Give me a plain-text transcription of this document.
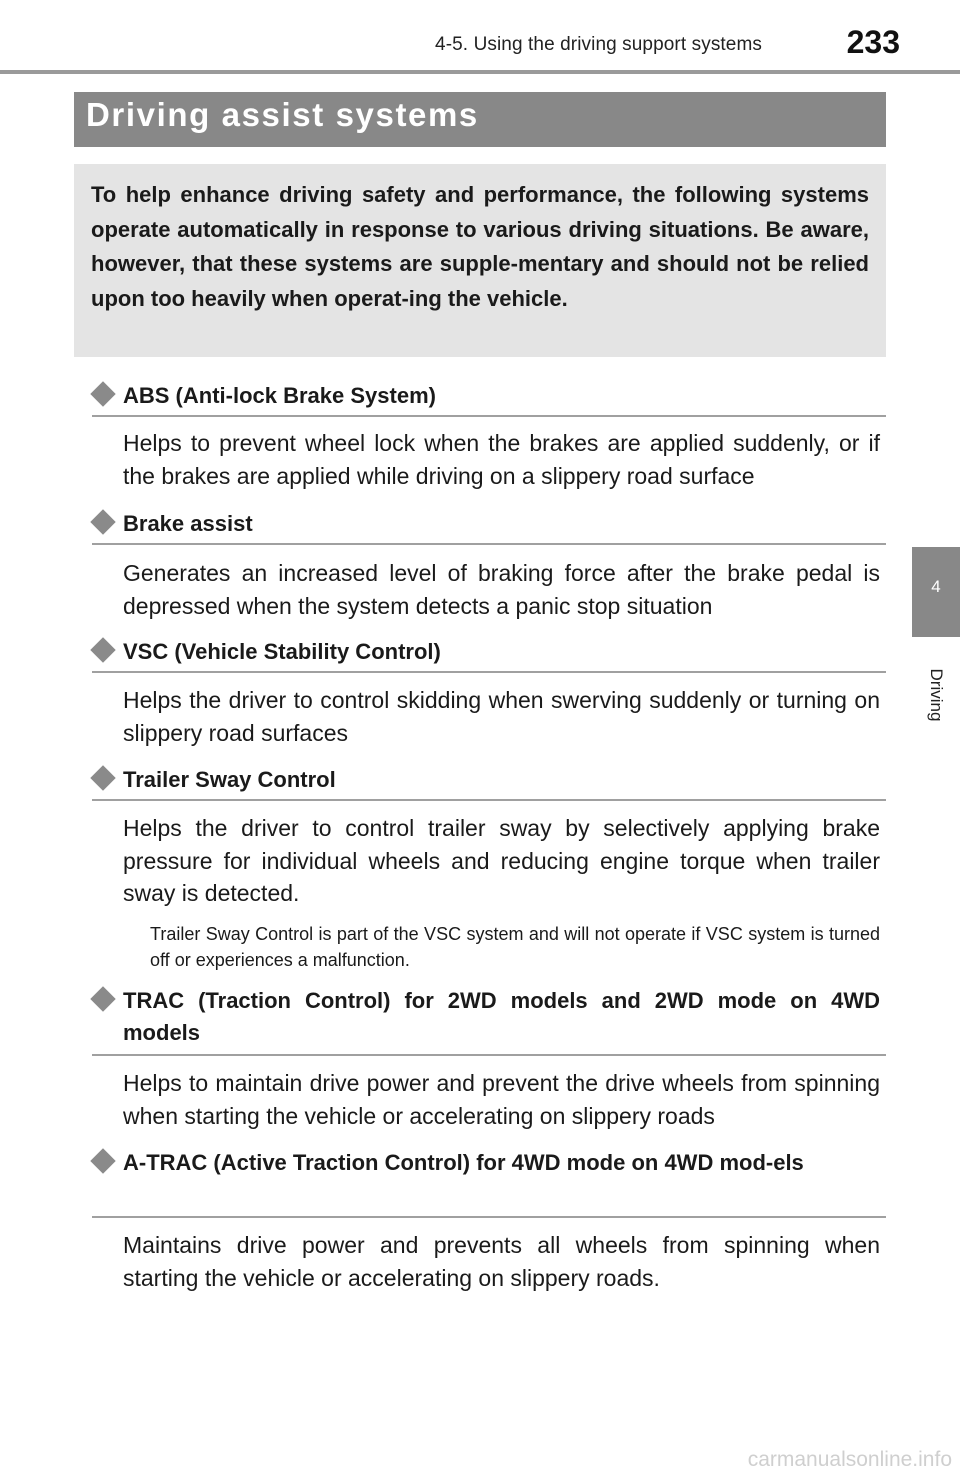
4-5. Using the driving support systems	233
Driving assist systems
To help enhance driving safety and performance, the following systems operate automatically in response to various driving situations. Be aware, however, that these systems are supple-mentary and should not be relied upon too heavily when operat-ing the vehicle.
ABS (Anti-lock Brake System)
Helps to prevent wheel lock when the brakes are applied suddenly, or if the brakes are applied while driving on a slippery road surface
Brake assist
Generates an increased level of braking force after the brake pedal is depressed when the system detects a panic stop situation
VSC (Vehicle Stability Control)
Helps the driver to control skidding when swerving suddenly or turning on slippery road surfaces
Trailer Sway Control
Helps the driver to control trailer sway by selectively applying brake pressure for individual wheels and reducing engine torque when trailer sway is detected.
Trailer Sway Control is part of the VSC system and will not operate if VSC system is turned off or experiences a malfunction.
TRAC (Traction Control) for 2WD models and 2WD mode on 4WD models
Helps to maintain drive power and prevent the drive wheels from spinning when starting the vehicle or accelerating on slippery roads
A-TRAC (Active Traction Control) for 4WD mode on 4WD mod-els
Maintains drive power and prevents all wheels from spinning when starting the vehicle or accelerating on slippery roads.
4
Driving
carmanualsonline.info
